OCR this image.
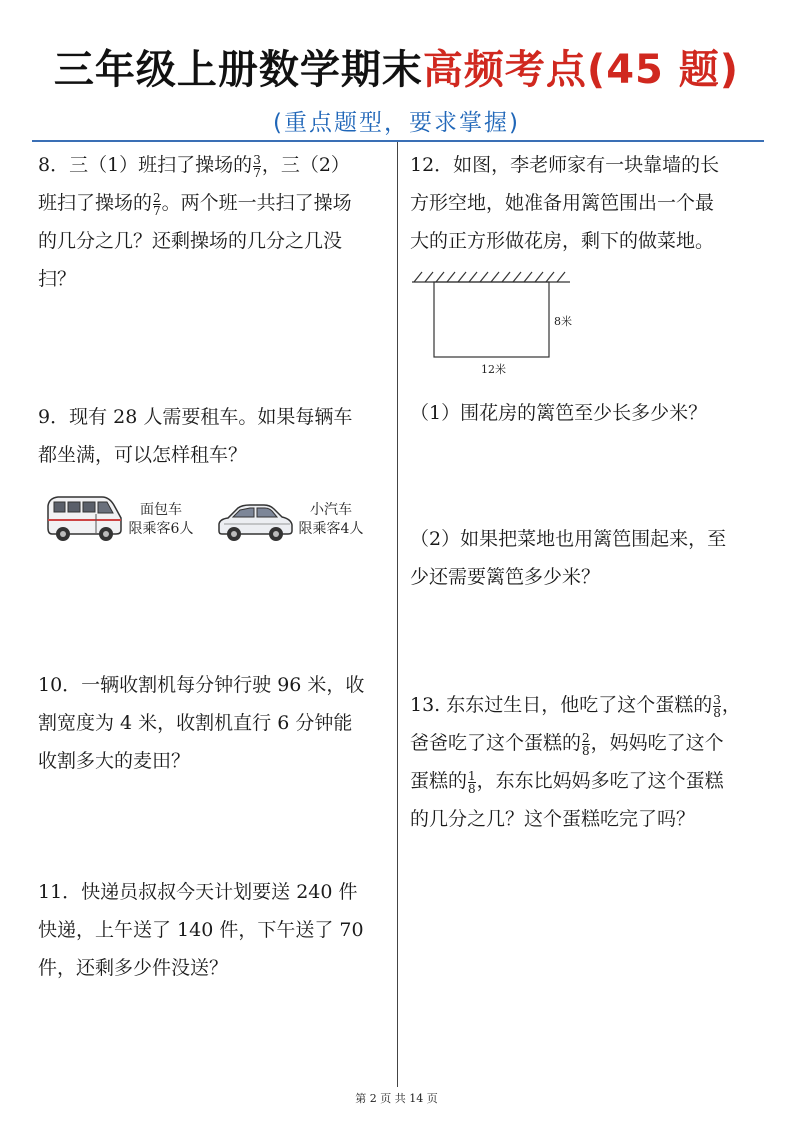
三年级上册数学期末高频考点(45 题)
(重点题型，要求掌握)
8．三（1）班扫了操场的 $\frac{3}{7}$ ，三（2）
班扫了操场的 $\frac{2}{7}$ 。两个班一共扫了操场
的几分之几？还剩操场的几分之几没
扫？
9．现有 28 人需要租车。如果每辆车
都坐满，可以怎样租车？
面包车
限乘客6人
小汽车
限乘客4人
10．一辆收割机每分钟行驶 96 米，收
割宽度为 4 米，收割机直行 6 分钟能
收割多大的麦田？
11．快递员叔叔今天计划要送 240 件
快递，上午送了 140 件，下午送了 70
件，还剩多少件没送？
12．如图，李老师家有一块靠墙的长
方形空地，她准备用篱笆围出一个最
大的正方形做花房，剩下的做菜地。
8米
12米
（1）围花房的篱笆至少长多少米？
（2）如果把菜地也用篱笆围起来，至
少还需要篱笆多少米？
13. 东东过生日，他吃了这个蛋糕的 $\frac{3}{8}$ ，
爸爸吃了这个蛋糕的 $\frac{2}{8}$ ，妈妈吃了这个
蛋糕的 $\frac{1}{8}$ ，东东比妈妈多吃了这个蛋糕
的几分之几？这个蛋糕吃完了吗？
第 2 页 共 14 页
